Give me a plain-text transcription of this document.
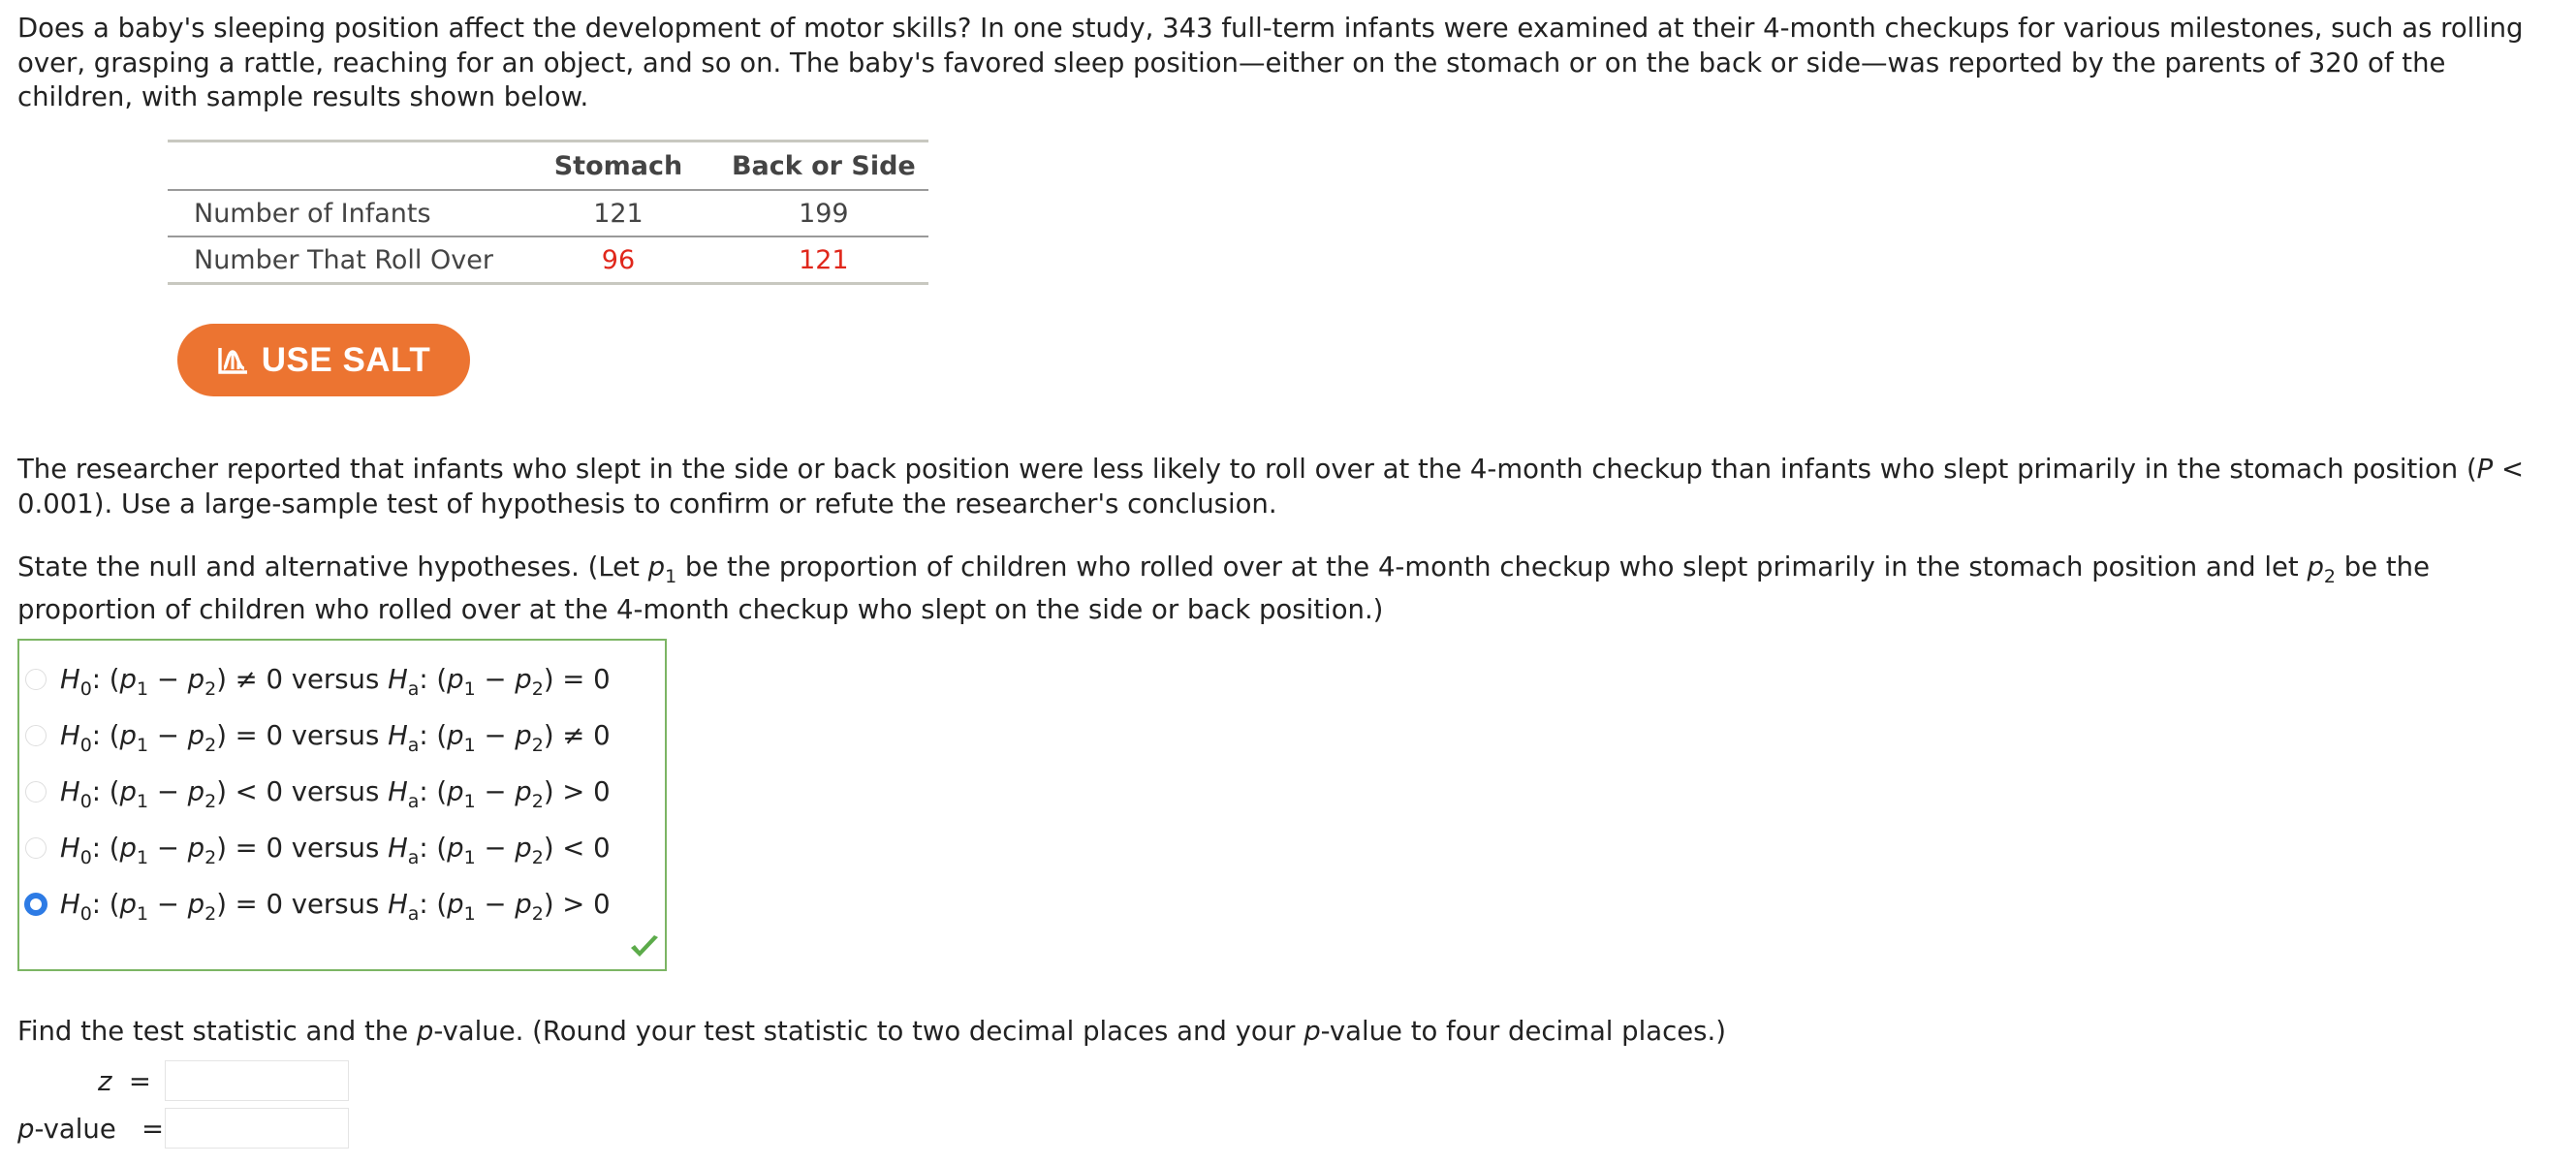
Does a baby's sleeping position affect the development of motor skills? In one study, 343 full-term infants were examined at their 4-month checkups for various milestones, such as rolling over, grasping a rattle, reaching for an object, and so on. The baby's favored sleep position—either on the stomach or on the back or side—was reported by the parents of 320 of the children, with sample results shown below.

	Stomach	Back or Side
Number of Infants	121	199
Number That Roll Over	96	121
USE SALT

The researcher reported that infants who slept in the side or back position were less likely to roll over at the 4-month checkup than infants who slept primarily in the stomach position (P < 0.001). Use a large-sample test of hypothesis to confirm or refute the researcher's conclusion.

State the null and alternative hypotheses. (Let $p_1$ be the proportion of children who rolled over at the 4-month checkup who slept primarily in the stomach position and let $p_2$ be the proportion of children who rolled over at the 4-month checkup who slept on the side or back position.)

$H_0$: $(p_1 - p_2) \ne 0$ versus $H_a$: $(p_1 - p_2) = 0$
$H_0$: $(p_1 - p_2) = 0$ versus $H_a$: $(p_1 - p_2) \ne 0$
$H_0$: $(p_1 - p_2) < 0$ versus $H_a$: $(p_1 - p_2) > 0$
$H_0$: $(p_1 - p_2) = 0$ versus $H_a$: $(p_1 - p_2) < 0$
$H_0$: $(p_1 - p_2) = 0$ versus $H_a$: $(p_1 - p_2) > 0$

Find the test statistic and the p-value. (Round your test statistic to two decimal places and your p-value to four decimal places.)

z
=
p -value
=
